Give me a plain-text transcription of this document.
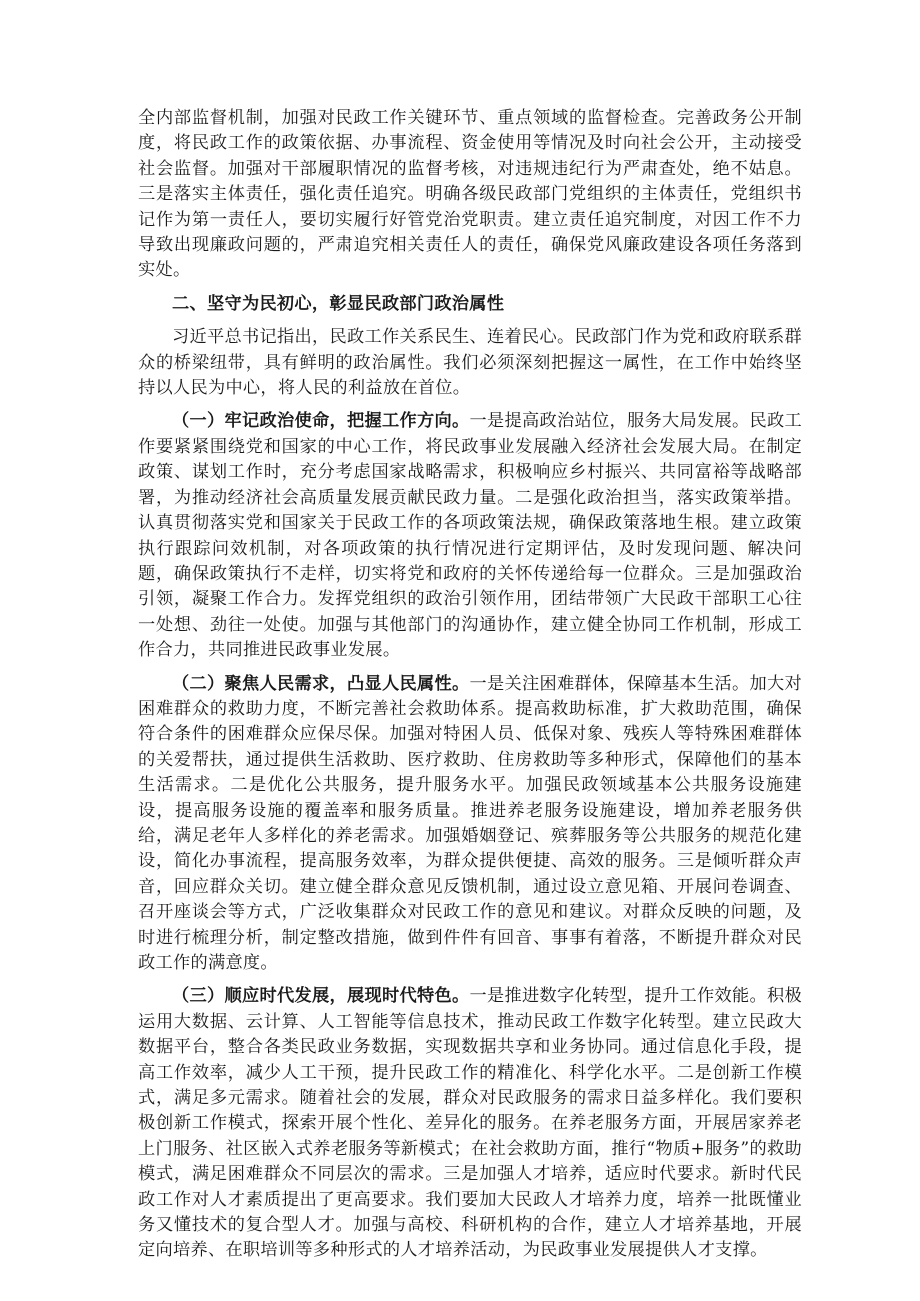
全内部监督机制，加强对民政工作关键环节、重点领域的监督检查。完善政务公开制度，将民政工作的政策依据、办事流程、资金使用等情况及时向社会公开，主动接受社会监督。加强对干部履职情况的监督考核，对违规违纪行为严肃查处，绝不姑息。三是落实主体责任，强化责任追究。明确各级民政部门党组织的主体责任，党组织书记作为第一责任人，要切实履行好管党治党职责。建立责任追究制度，对因工作不力导致出现廉政问题的，严肃追究相关责任人的责任，确保党风廉政建设各项任务落到实处。

二、坚守为民初心，彰显民政部门政治属性

习近平总书记指出，民政工作关系民生、连着民心。民政部门作为党和政府联系群众的桥梁纽带，具有鲜明的政治属性。我们必须深刻把握这一属性，在工作中始终坚持以人民为中心，将人民的利益放在首位。

（一）牢记政治使命，把握工作方向。一是提高政治站位，服务大局发展。民政工作要紧紧围绕党和国家的中心工作，将民政事业发展融入经济社会发展大局。在制定政策、谋划工作时，充分考虑国家战略需求，积极响应乡村振兴、共同富裕等战略部署，为推动经济社会高质量发展贡献民政力量。二是强化政治担当，落实政策举措。认真贯彻落实党和国家关于民政工作的各项政策法规，确保政策落地生根。建立政策执行跟踪问效机制，对各项政策的执行情况进行定期评估，及时发现问题、解决问题，确保政策执行不走样，切实将党和政府的关怀传递给每一位群众。三是加强政治引领，凝聚工作合力。发挥党组织的政治引领作用，团结带领广大民政干部职工心往一处想、劲往一处使。加强与其他部门的沟通协作，建立健全协同工作机制，形成工作合力，共同推进民政事业发展。

（二）聚焦人民需求，凸显人民属性。一是关注困难群体，保障基本生活。加大对困难群众的救助力度，不断完善社会救助体系。提高救助标准，扩大救助范围，确保符合条件的困难群众应保尽保。加强对特困人员、低保对象、残疾人等特殊困难群体的关爱帮扶，通过提供生活救助、医疗救助、住房救助等多种形式，保障他们的基本生活需求。二是优化公共服务，提升服务水平。加强民政领域基本公共服务设施建设，提高服务设施的覆盖率和服务质量。推进养老服务设施建设，增加养老服务供给，满足老年人多样化的养老需求。加强婚姻登记、殡葬服务等公共服务的规范化建设，简化办事流程，提高服务效率，为群众提供便捷、高效的服务。三是倾听群众声音，回应群众关切。建立健全群众意见反馈机制，通过设立意见箱、开展问卷调查、召开座谈会等方式，广泛收集群众对民政工作的意见和建议。对群众反映的问题，及时进行梳理分析，制定整改措施，做到件件有回音、事事有着落，不断提升群众对民政工作的满意度。

（三）顺应时代发展，展现时代特色。一是推进数字化转型，提升工作效能。积极运用大数据、云计算、人工智能等信息技术，推动民政工作数字化转型。建立民政大数据平台，整合各类民政业务数据，实现数据共享和业务协同。通过信息化手段，提高工作效率，减少人工干预，提升民政工作的精准化、科学化水平。二是创新工作模式，满足多元需求。随着社会的发展，群众对民政服务的需求日益多样化。我们要积极创新工作模式，探索开展个性化、差异化的服务。在养老服务方面，开展居家养老上门服务、社区嵌入式养老服务等新模式；在社会救助方面，推行“物质+服务”的救助模式，满足困难群众不同层次的需求。三是加强人才培养，适应时代要求。新时代民政工作对人才素质提出了更高要求。我们要加大民政人才培养力度，培养一批既懂业务又懂技术的复合型人才。加强与高校、科研机构的合作，建立人才培养基地，开展定向培养、在职培训等多种形式的人才培养活动，为民政事业发展提供人才支撑。
